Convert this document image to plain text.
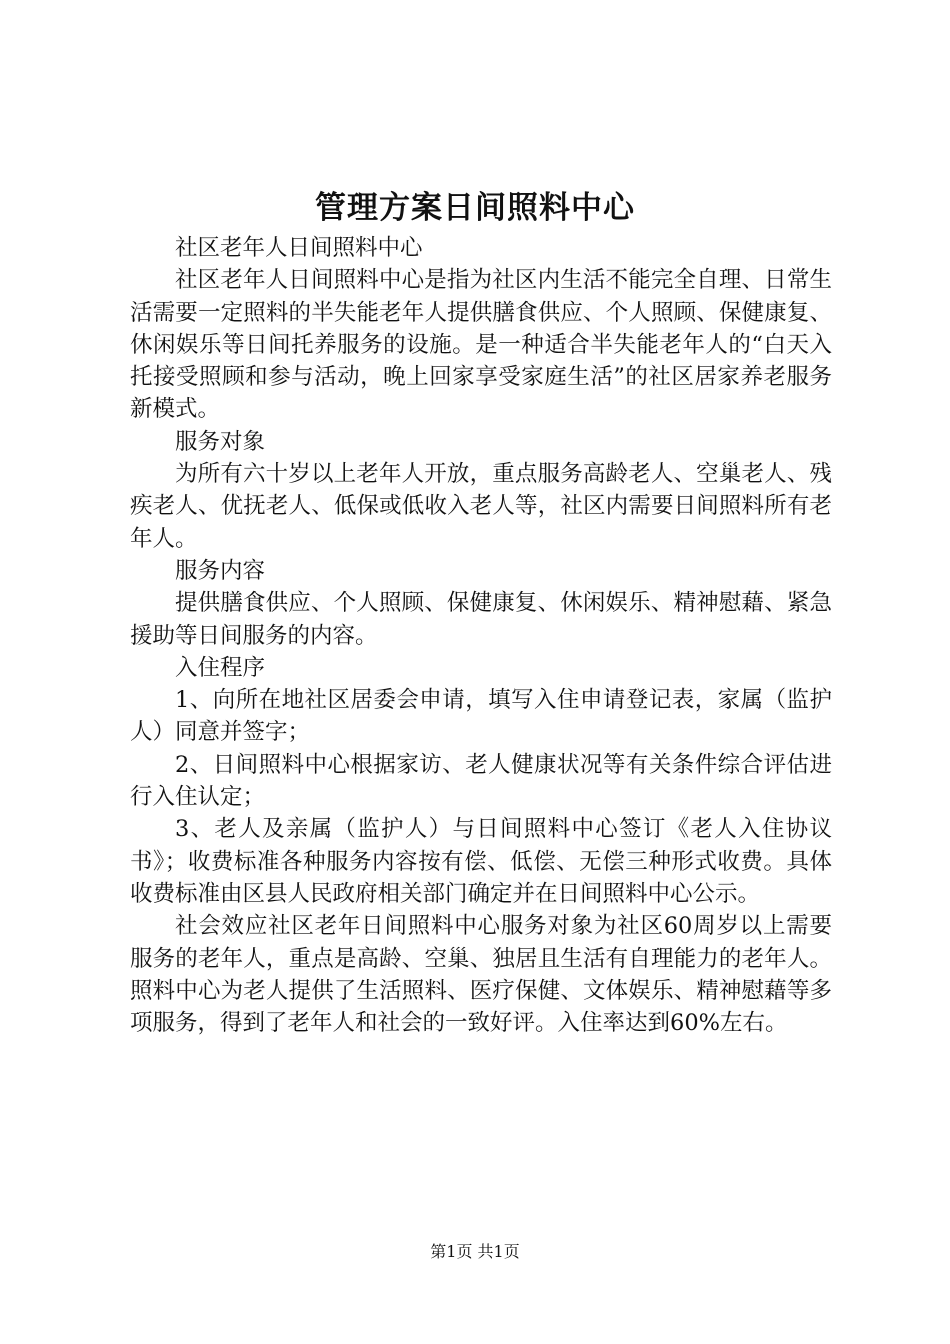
管理方案日间照料中心

社区老年人日间照料中心

社区老年人日间照料中心是指为社区内生活不能完全自理、日常生活需要一定照料的半失能老年人提供膳食供应、个人照顾、保健康复、休闲娱乐等日间托养服务的设施。是一种适合半失能老年人的“白天入托接受照顾和参与活动，晚上回家享受家庭生活”的社区居家养老服务新模式。

服务对象

为所有六十岁以上老年人开放，重点服务高龄老人、空巢老人、残疾老人、优抚老人、低保或低收入老人等，社区内需要日间照料所有老年人。

服务内容

提供膳食供应、个人照顾、保健康复、休闲娱乐、精神慰藉、紧急援助等日间服务的内容。

入住程序

1、向所在地社区居委会申请，填写入住申请登记表，家属（监护人）同意并签字；

2、日间照料中心根据家访、老人健康状况等有关条件综合评估进行入住认定；

3、老人及亲属（监护人）与日间照料中心签订《老人入住协议书》；收费标准各种服务内容按有偿、低偿、无偿三种形式收费。具体收费标准由区县人民政府相关部门确定并在日间照料中心公示。

社会效应社区老年日间照料中心服务对象为社区60周岁以上需要服务的老年人，重点是高龄、空巢、独居且生活有自理能力的老年人。照料中心为老人提供了生活照料、医疗保健、文体娱乐、精神慰藉等多项服务，得到了老年人和社会的一致好评。入住率达到60%左右。

第1页 共1页
